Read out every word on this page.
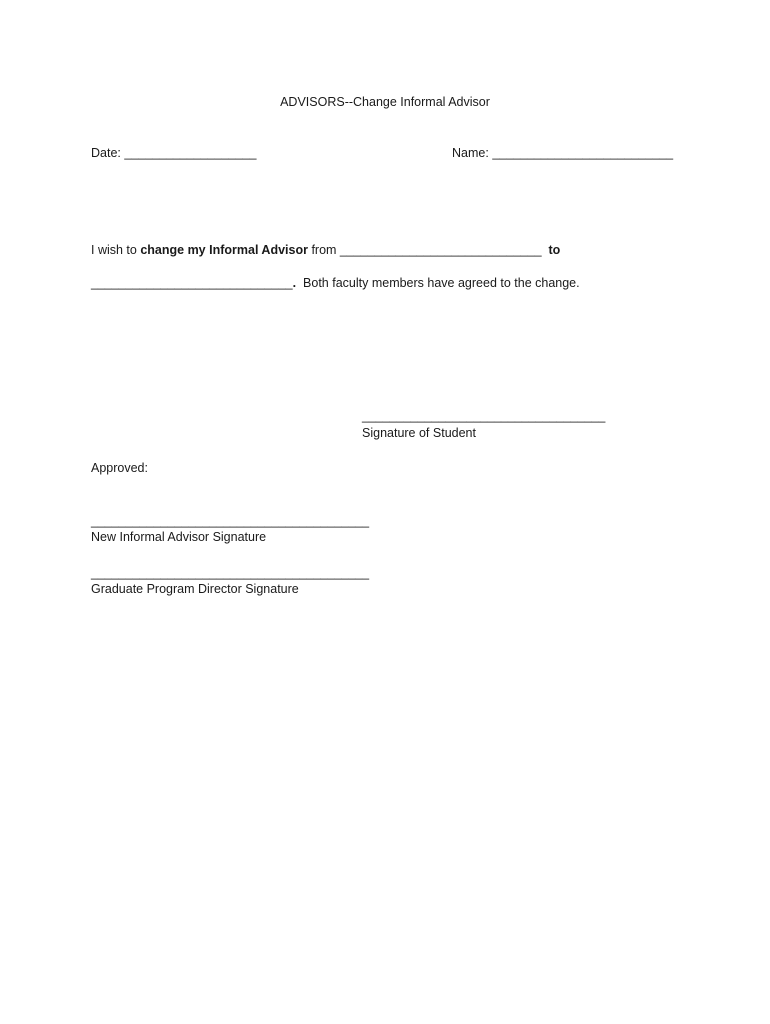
ADVISORS--Change Informal Advisor
Date: ___________________	Name: __________________________
I wish to change my Informal Advisor from _____________________________ to
_____________________________.  Both faculty members have agreed to the change.
___________________________________
Signature of Student
Approved:
________________________________________
New Informal Advisor Signature
________________________________________
Graduate Program Director Signature
